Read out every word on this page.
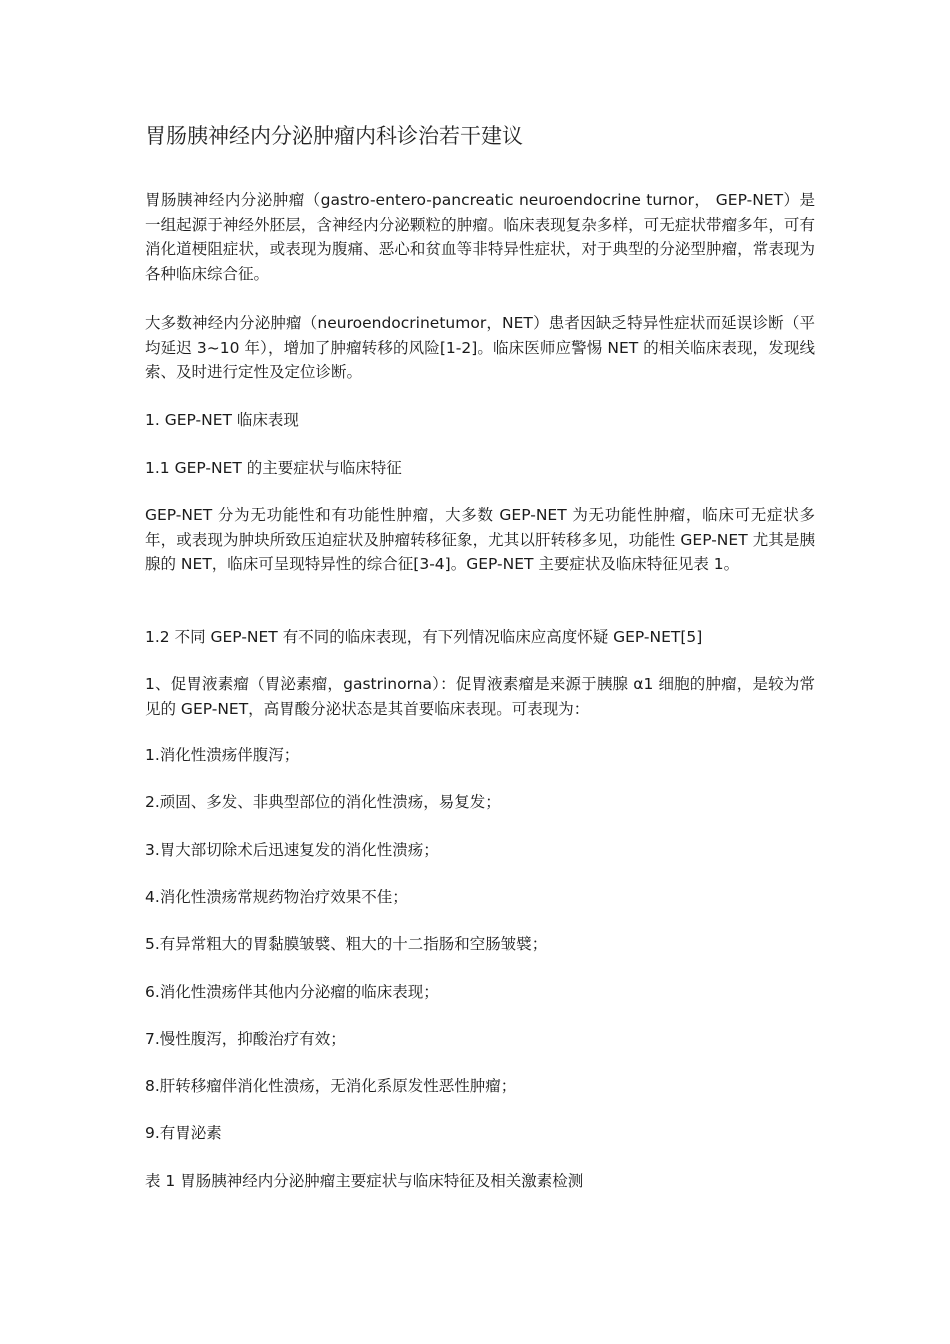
胃肠胰神经内分泌肿瘤内科诊治若干建议

胃肠胰神经内分泌肿瘤（gastro-entero-pancreatic neuroendocrine turnor， GEP-NET）是一组起源于神经外胚层，含神经内分泌颗粒的肿瘤。临床表现复杂多样，可无症状带瘤多年，可有消化道梗阻症状，或表现为腹痛、恶心和贫血等非特异性症状，对于典型的分泌型肿瘤，常表现为各种临床综合征。

大多数神经内分泌肿瘤（neuroendocrinetumor，NET）患者因缺乏特异性症状而延误诊断（平均延迟 3~10 年），增加了肿瘤转移的风险[1-2]。临床医师应警惕 NET 的相关临床表现，发现线索、及时进行定性及定位诊断。

1. GEP-NET 临床表现

1.1 GEP-NET 的主要症状与临床特征

GEP-NET 分为无功能性和有功能性肿瘤，大多数 GEP-NET 为无功能性肿瘤，临床可无症状多年，或表现为肿块所致压迫症状及肿瘤转移征象，尤其以肝转移多见，功能性 GEP-NET 尤其是胰腺的 NET，临床可呈现特异性的综合征[3-4]。GEP-NET 主要症状及临床特征见表 1。

1.2 不同 GEP-NET 有不同的临床表现，有下列情况临床应高度怀疑 GEP-NET[5]

1、促胃液素瘤（胃泌素瘤，gastrinorna）：促胃液素瘤是来源于胰腺 α1 细胞的肿瘤，是较为常见的 GEP-NET，高胃酸分泌状态是其首要临床表现。可表现为：

1.消化性溃疡伴腹泻；

2.顽固、多发、非典型部位的消化性溃疡，易复发；

3.胃大部切除术后迅速复发的消化性溃疡；

4.消化性溃疡常规药物治疗效果不佳；

5.有异常粗大的胃黏膜皱襞、粗大的十二指肠和空肠皱襞；

6.消化性溃疡伴其他内分泌瘤的临床表现；

7.慢性腹泻，抑酸治疗有效；

8.肝转移瘤伴消化性溃疡，无消化系原发性恶性肿瘤；

9.有胃泌素

表 1 胃肠胰神经内分泌肿瘤主要症状与临床特征及相关激素检测
